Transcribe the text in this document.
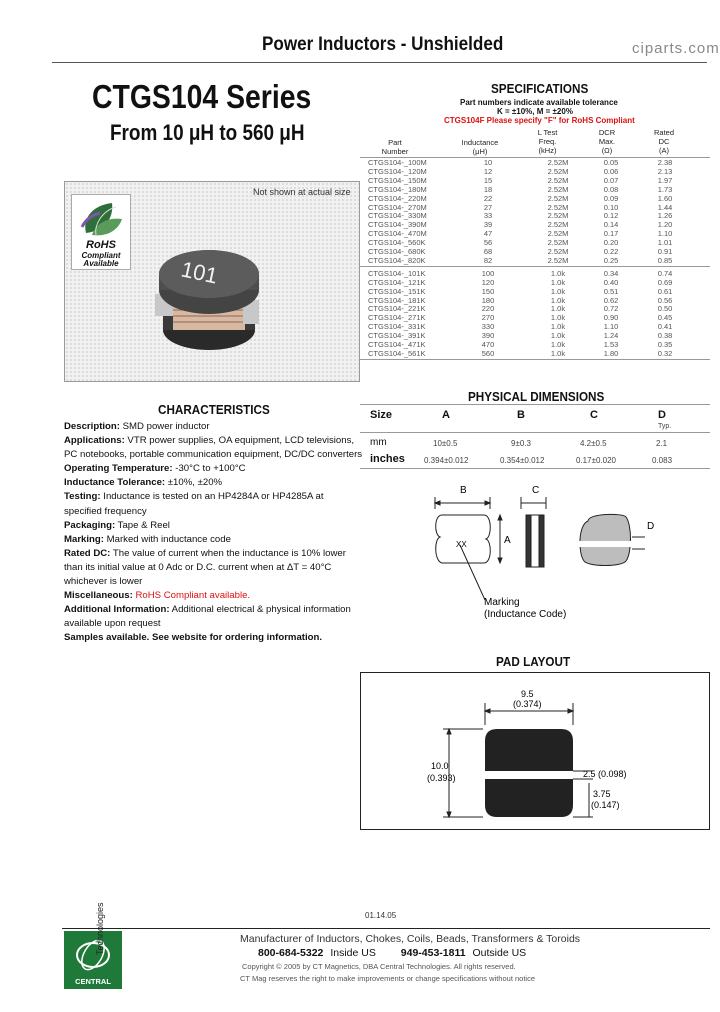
Power Inductors - Unshielded	ciparts.com
CTGS104 Series
From 10 μH to 560 μH
Not shown at actual size
RoHS
Compliant
Available	101
SPECIFICATIONS
Part numbers indicate available tolerance
K = ±10%, M = ±20%
CTGS104F Please specify "F" for RoHS Compliant
Part
Number
Inductance
(μH)
L Test
Freq.
(kHz)
DCR
Max.
(Ω)
Rated
DC
(A)
CTGS104-_100M	10	2.52M	0.05	2.38
CTGS104-_120M	12	2.52M	0.06	2.13
CTGS104-_150M	15	2.52M	0.07	1.97
CTGS104-_180M	18	2.52M	0.08	1.73
CTGS104-_220M	22	2.52M	0.09	1.60
CTGS104-_270M	27	2.52M	0.10	1.44
CTGS104-_330M	33	2.52M	0.12	1.26
CTGS104-_390M	39	2.52M	0.14	1.20
CTGS104-_470M	47	2.52M	0.17	1.10
CTGS104-_560K	56	2.52M	0.20	1.01
CTGS104-_680K	68	2.52M	0.22	0.91
CTGS104-_820K	82	2.52M	0.25	0.85
CTGS104-_101K	100	1.0k	0.34	0.74
CTGS104-_121K	120	1.0k	0.40	0.69
CTGS104-_151K	150	1.0k	0.51	0.61
CTGS104-_181K	180	1.0k	0.62	0.56
CTGS104-_221K	220	1.0k	0.72	0.50
CTGS104-_271K	270	1.0k	0.90	0.45
CTGS104-_331K	330	1.0k	1.10	0.41
CTGS104-_391K	390	1.0k	1.24	0.38
CTGS104-_471K	470	1.0k	1.53	0.35
CTGS104-_561K	560	1.0k	1.80	0.32
CHARACTERISTICS

Description: SMD power inductor

Applications: VTR power supplies, OA equipment, LCD televisions, PC notebooks, portable communication equipment, DC/DC converters

Operating Temperature: -30°C to +100°C

Inductance Tolerance: ±10%, ±20%

Testing: Inductance is tested on an HP4284A or HP4285A at specified frequency

Packaging: Tape & Reel

Marking: Marked with inductance code

Rated DC: The value of current when the inductance is 10% lower than its initial value at 0 Adc or D.C. current when at ΔT = 40°C whichever is lower

Miscellaneous: RoHS Compliant available.

Additional Information: Additional electrical & physical information available upon request

Samples available. See website for ordering information.

PHYSICAL DIMENSIONS
Size	A	B	C	D
Typ.
mm	10±0.5	9±0.3	4.2±0.5	2.1
inches 0.394±0.012	0.354±0.012	0.17±0.020	0.083
B	C
A
D
XX
Marking
(Inductance Code)
PAD LAYOUT
9.5
(0.374)
10.0
(0.393)	2.5 (0.098)
3.75
(0.147)
01.14.05
CENTRAL
Technologies	Manufacturer of Inductors, Chokes, Coils, Beads, Transformers & Toroids
800-684-5322 Inside US 949-453-1811 Outside US
Copyright © 2005 by CT Magnetics, DBA Central Technologies. All rights reserved.
CT Mag reserves the right to make improvements or change specifications without notice
